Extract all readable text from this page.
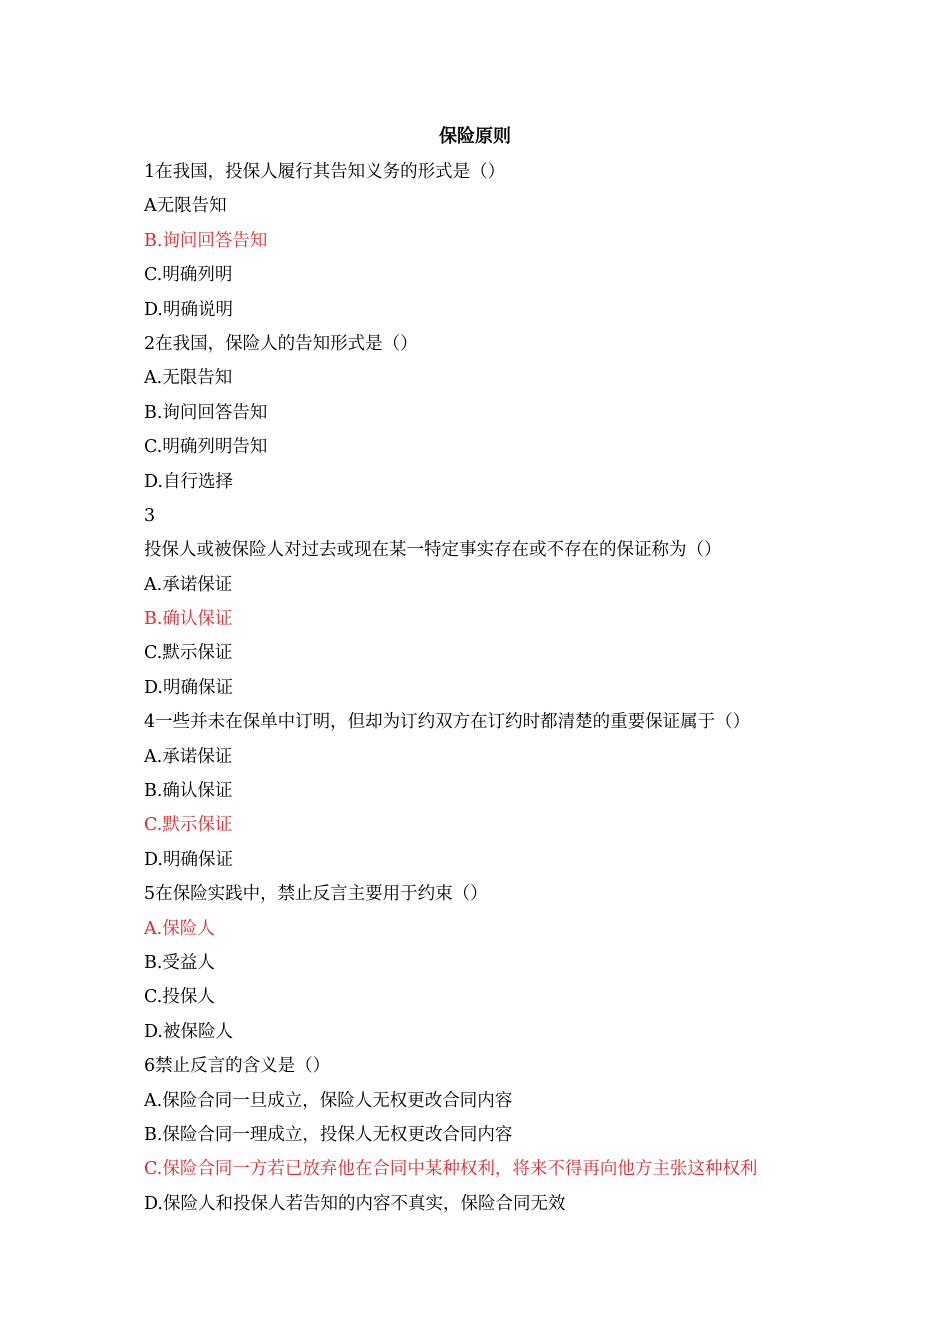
保险原则
1在我国，投保人履行其告知义务的形式是（）
A无限告知
B.询问回答告知
C.明确列明
D.明确说明
2在我国，保险人的告知形式是（）
A.无限告知
B.询问回答告知
C.明确列明告知
D.自行选择
3
投保人或被保险人对过去或现在某一特定事实存在或不存在的保证称为（）
A.承诺保证
B.确认保证
C.默示保证
D.明确保证
4一些并未在保单中订明，但却为订约双方在订约时都清楚的重要保证属于（）
A.承诺保证
B.确认保证
C.默示保证
D.明确保证
5在保险实践中，禁止反言主要用于约束（）
A.保险人
B.受益人
C.投保人
D.被保险人
6禁止反言的含义是（）
A.保险合同一旦成立，保险人无权更改合同内容
B.保险合同一理成立，投保人无权更改合同内容
C.保险合同一方若已放弃他在合同中某种权利，将来不得再向他方主张这种权利
D.保险人和投保人若告知的内容不真实，保险合同无效
